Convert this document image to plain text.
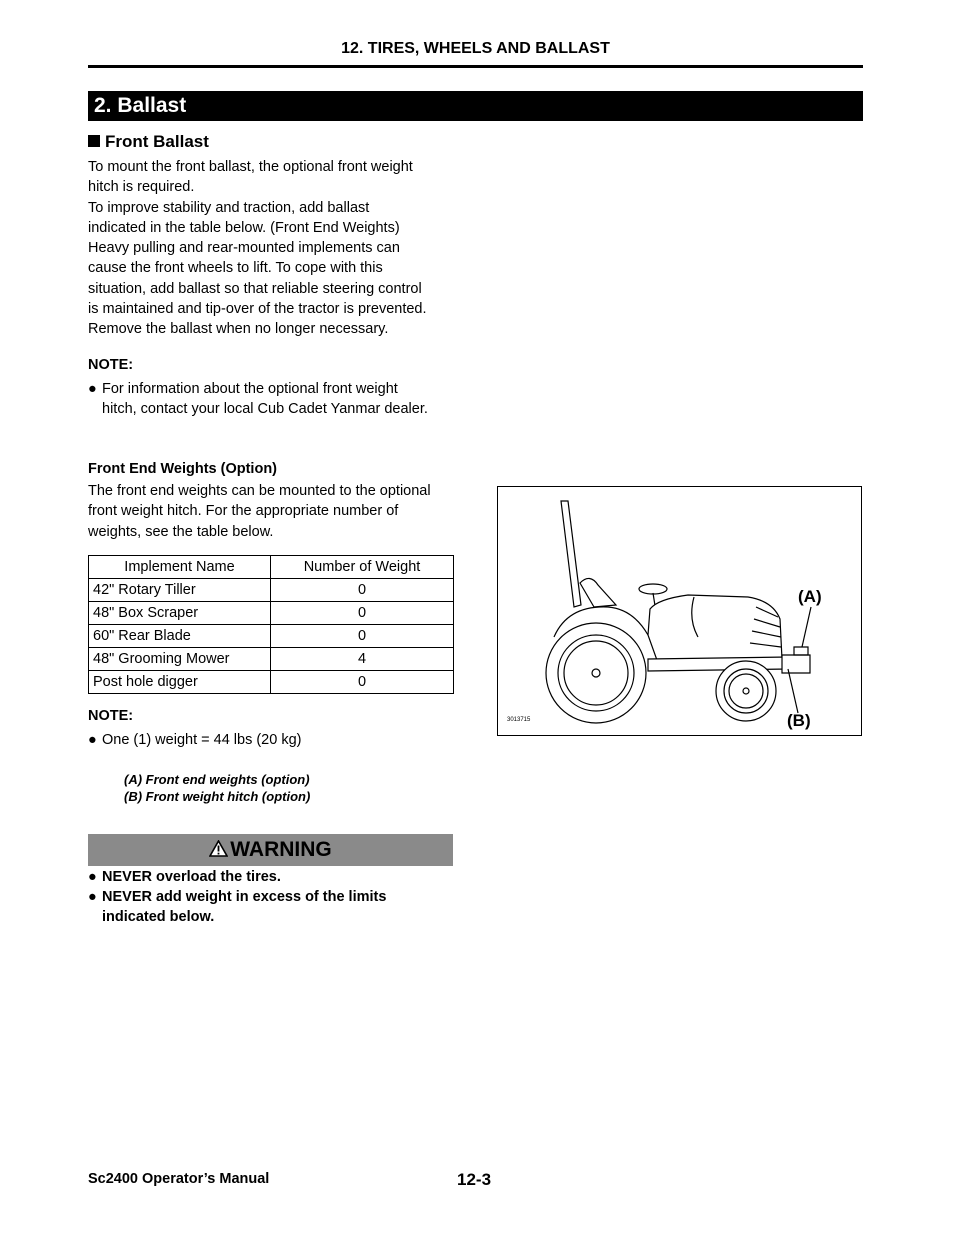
12. TIRES, WHEELS AND BALLAST
2. Ballast
Front Ballast
To mount the front ballast, the optional front weight
hitch is required.
To improve stability and traction, add ballast
indicated in the table below. (Front End Weights)
Heavy pulling and rear-mounted implements can
cause the front wheels to lift. To cope with this
situation, add ballast so that reliable steering control
is maintained and tip-over of the tractor is prevented.
Remove the ballast when no longer necessary.
NOTE:
● For information about the optional front weight
hitch, contact your local Cub Cadet Yanmar dealer.
Front End Weights (Option)
The front end weights can be mounted to the optional
front weight hitch. For the appropriate number of
weights, see the table below.
Implement Name	Number of Weight
42" Rotary Tiller	0
48" Box Scraper	0
60" Rear Blade	0
48" Grooming Mower	4
Post hole digger	0
NOTE:
● One (1) weight = 44 lbs (20 kg)
(A) Front end weights (option)
(B) Front weight hitch (option)
(A)
(B)
3013715
WARNING
● NEVER overload the tires.
● NEVER add weight in excess of the limits
indicated below.
Sc2400 Operator’s Manual	12-3
